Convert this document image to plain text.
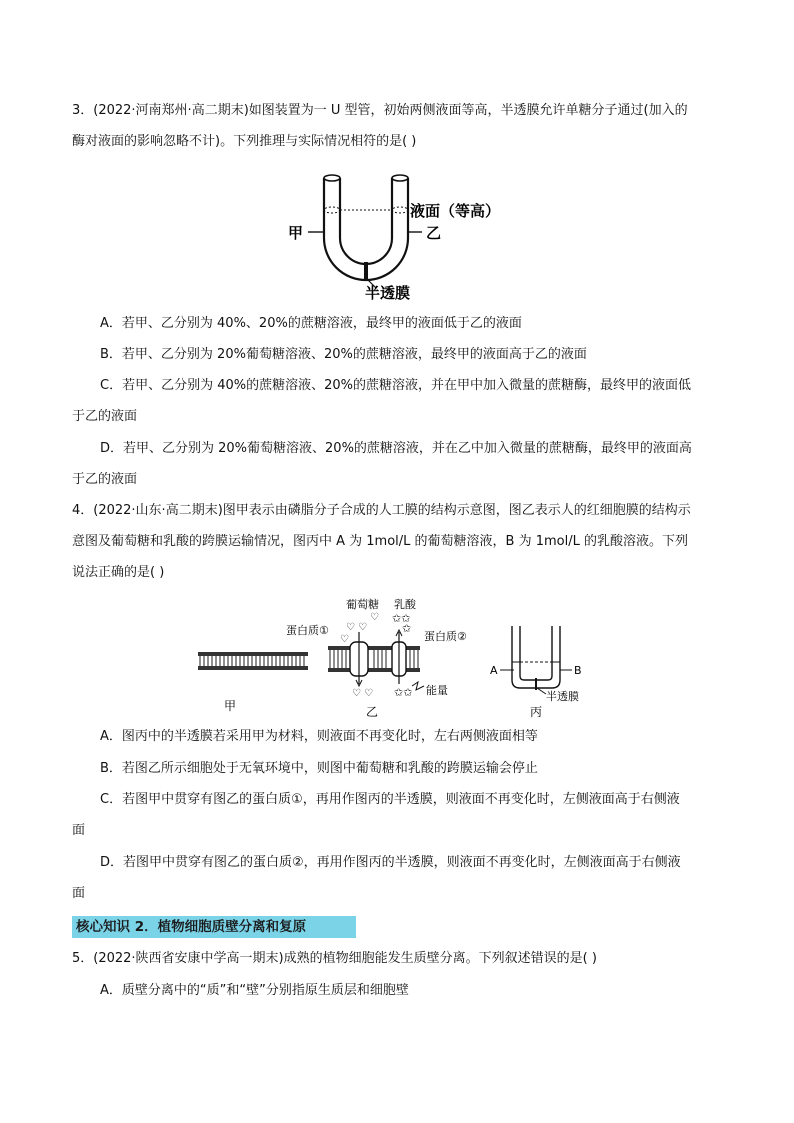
3．(2022·河南郑州·高二期末)如图装置为一 U 型管，初始两侧液面等高，半透膜允许单糖分子通过(加入的
酶对液面的影响忽略不计)。下列推理与实际情况相符的是( )
甲	乙
液面（等高）
半透膜
A．若甲、乙分别为 40%、20%的蔗糖溶液，最终甲的液面低于乙的液面
B．若甲、乙分别为 20%葡萄糖溶液、20%的蔗糖溶液，最终甲的液面高于乙的液面
C．若甲、乙分别为 40%的蔗糖溶液、20%的蔗糖溶液，并在甲中加入微量的蔗糖酶，最终甲的液面低
于乙的液面
D．若甲、乙分别为 20%葡萄糖溶液、20%的蔗糖溶液，并在乙中加入微量的蔗糖酶，最终甲的液面高
于乙的液面
4．(2022·山东·高二期末)图甲表示由磷脂分子合成的人工膜的结构示意图，图乙表示人的红细胞膜的结构示
意图及葡萄糖和乳酸的跨膜运输情况，图丙中 A 为 1mol/L 的葡萄糖溶液，B 为 1mol/L 的乳酸溶液。下列
说法正确的是( )
甲
♡ ♡
♡
♡
♡ ♡
✩✩
✩
✩✩
葡萄糖 乳酸
蛋白质①	蛋白质②
能量
乙
A	B
半透膜
丙
A．图丙中的半透膜若采用甲为材料，则液面不再变化时，左右两侧液面相等
B．若图乙所示细胞处于无氧环境中，则图中葡萄糖和乳酸的跨膜运输会停止
C．若图甲中贯穿有图乙的蛋白质①，再用作图丙的半透膜，则液面不再变化时，左侧液面高于右侧液
面
D．若图甲中贯穿有图乙的蛋白质②，再用作图丙的半透膜，则液面不再变化时，左侧液面高于右侧液
面
核心知识 2．植物细胞质壁分离和复原
5．(2022·陕西省安康中学高一期末)成熟的植物细胞能发生质壁分离。下列叙述错误的是( )
A．质壁分离中的“质”和“壁”分别指原生质层和细胞壁
